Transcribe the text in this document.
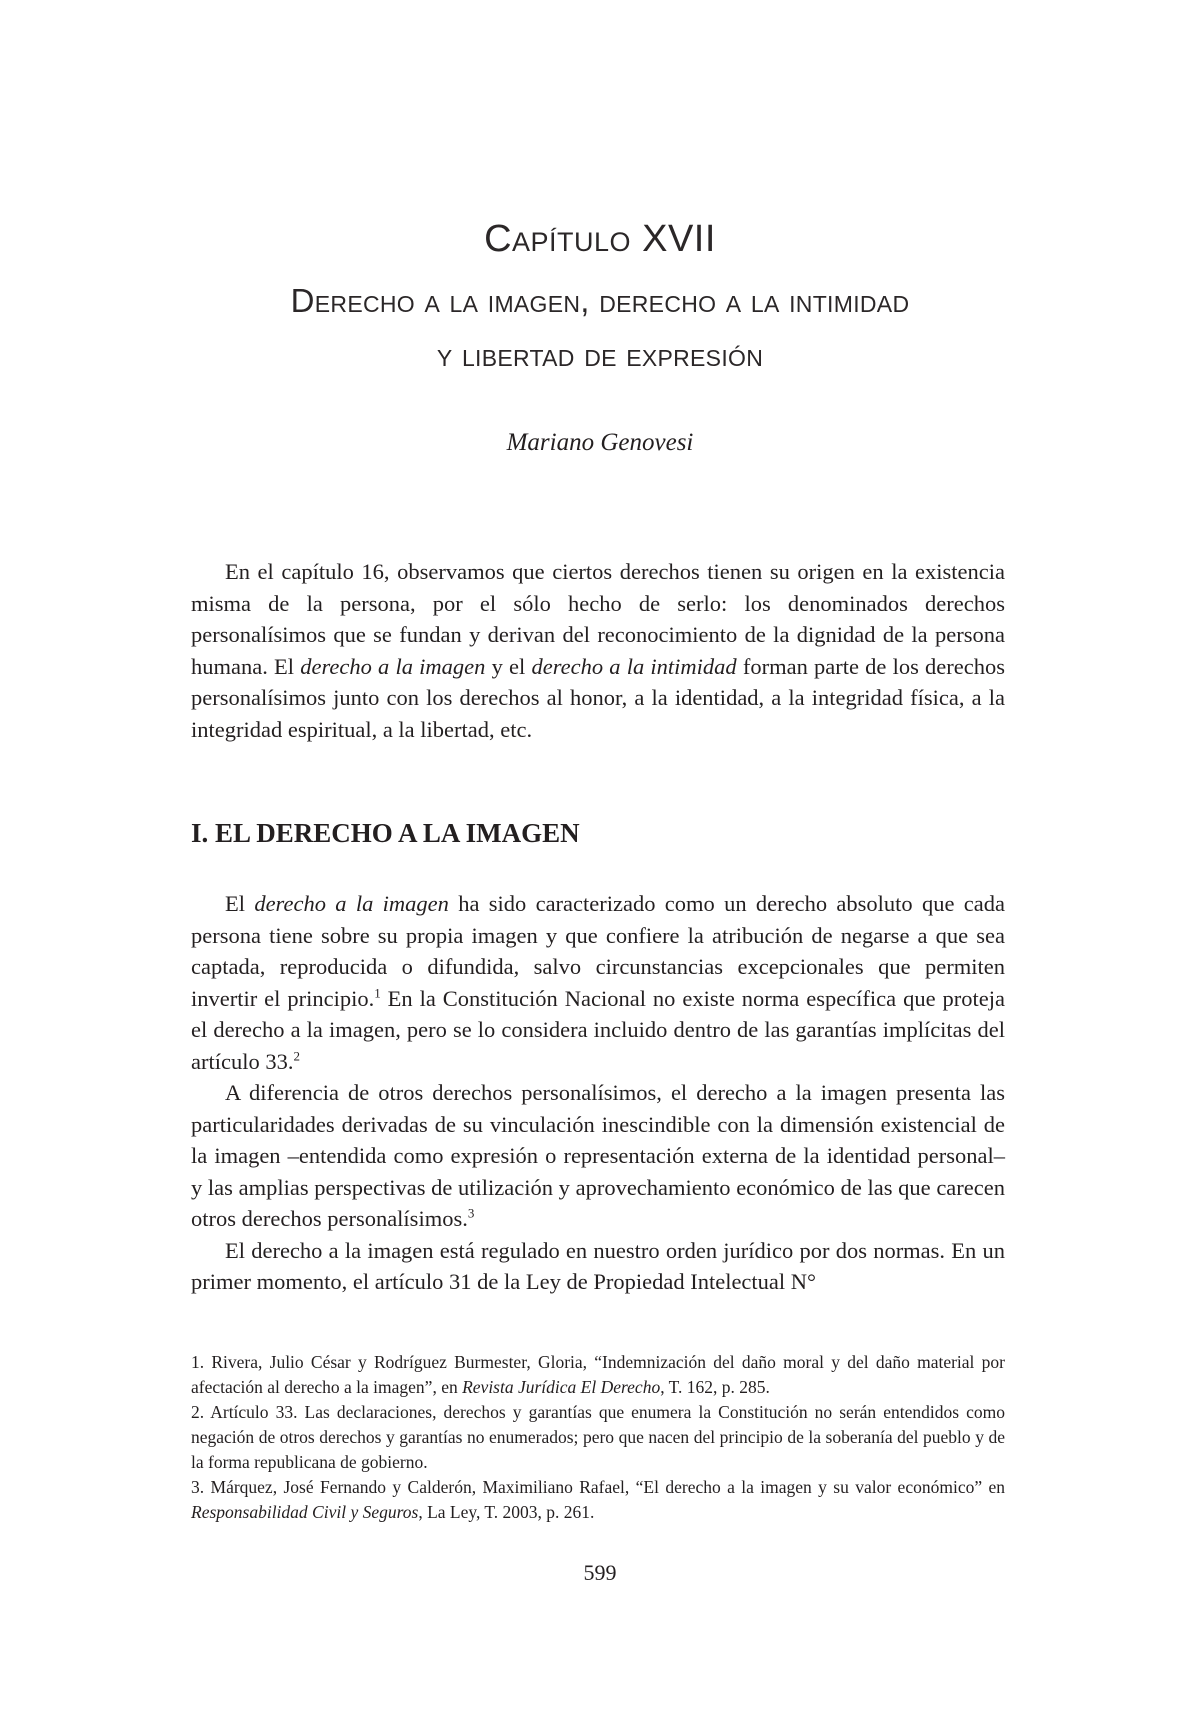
Capítulo XVII
Derecho a la imagen, derecho a la intimidad
y libertad de expresión

Mariano Genovesi

En el capítulo 16, observamos que ciertos derechos tienen su origen en la existencia misma de la persona, por el sólo hecho de serlo: los denominados derechos personalísimos que se fundan y derivan del reconocimiento de la dignidad de la persona humana. El derecho a la imagen y el derecho a la intimidad forman parte de los derechos personalísimos junto con los derechos al honor, a la identidad, a la integridad física, a la integridad espiritual, a la libertad, etc.

I. EL DERECHO A LA IMAGEN

El derecho a la imagen ha sido caracterizado como un derecho absoluto que cada persona tiene sobre su propia imagen y que confiere la atribución de negarse a que sea captada, reproducida o difundida, salvo circunstancias excepcionales que permiten invertir el principio.$^1$ En la Constitución Nacional no existe norma específica que proteja el derecho a la imagen, pero se lo considera incluido dentro de las garantías implícitas del artículo 33.$^2$

A diferencia de otros derechos personalísimos, el derecho a la imagen presenta las particularidades derivadas de su vinculación inescindible con la dimensión existencial de la imagen –entendida como expresión o representación externa de la identidad personal– y las amplias perspectivas de utilización y aprovechamiento económico de las que carecen otros derechos personalísimos.$^3$

El derecho a la imagen está regulado en nuestro orden jurídico por dos normas. En un primer momento, el artículo 31 de la Ley de Propiedad Intelectual N°

1. Rivera, Julio César y Rodríguez Burmester, Gloria, “Indemnización del daño moral y del daño material por afectación al derecho a la imagen”, en Revista Jurídica El Derecho, T. 162, p. 285.

2. Artículo 33. Las declaraciones, derechos y garantías que enumera la Constitución no serán entendidos como negación de otros derechos y garantías no enumerados; pero que nacen del principio de la soberanía del pueblo y de la forma republicana de gobierno.

3. Márquez, José Fernando y Calderón, Maximiliano Rafael, “El derecho a la imagen y su valor económico” en Responsabilidad Civil y Seguros, La Ley, T. 2003, p. 261.

599
